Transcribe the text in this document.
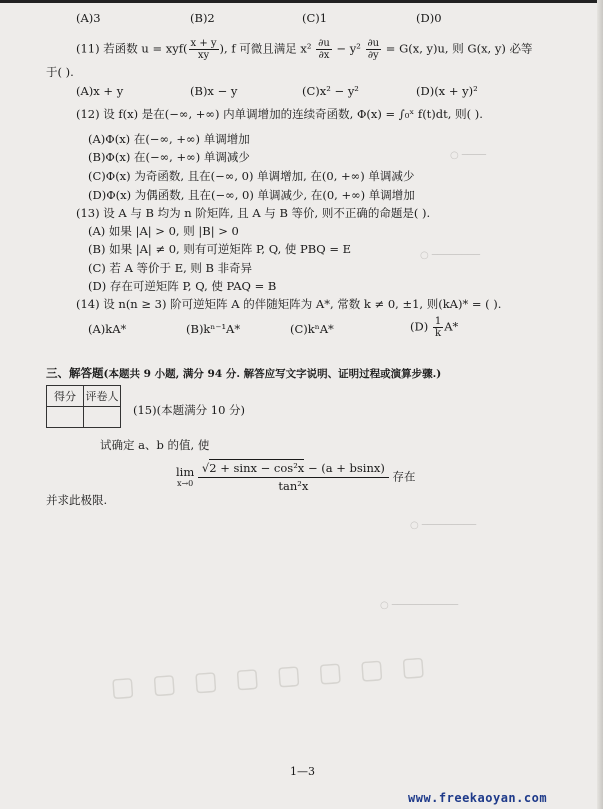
○ ────
○ ────────
○ ─────────
○ ───────────
▢ ▢ ▢ ▢ ▢ ▢ ▢ ▢
(A)3	(B)2	(C)1	(D)0
(11) 若函数 $u = xyf( \frac{x + y}{xy}$ ), f 可微且满足 $x^2 \frac{\partial u}{\partial x} - y^2 \frac{\partial u}{\partial y} = G(x$, y)u, 则 G(x, y) 必等
于( ).
(A)x + y	(B)x − y	(C)x² − y²	(D)(x + y)²
(12) 设 f(x) 是在(−∞, +∞) 内单调增加的连续奇函数, Φ(x) = ∫₀ˣ f(t)dt, 则( ).
(A)Φ(x) 在(−∞, +∞) 单调增加
(B)Φ(x) 在(−∞, +∞) 单调减少
(C)Φ(x) 为奇函数, 且在(−∞, 0) 单调增加, 在(0, +∞) 单调减少
(D)Φ(x) 为偶函数, 且在(−∞, 0) 单调减少, 在(0, +∞) 单调增加
(13) 设 A 与 B 均为 n 阶矩阵, 且 A 与 B 等价, 则不正确的命题是( ).
(A) 如果 |A| > 0, 则 |B| > 0
(B) 如果 |A| ≠ 0, 则有可逆矩阵 P, Q, 使 PBQ = E
(C) 若 A 等价于 E, 则 B 非奇异
(D) 存在可逆矩阵 P, Q, 使 PAQ = B
(14) 设 n(n ≥ 3) 阶可逆矩阵 A 的伴随矩阵为 A*, 常数 k ≠ 0, ±1, 则(kA)* = ( ).
(A)kA*	(B)kⁿ⁻¹A*	(C)kⁿA*	$(D) \frac{1}{k} A*$
三、解答题(本题共 9 小题, 满分 94 分. 解答应写文字说明、证明过程或演算步骤.)
得分	评卷人

(15)(本题满分 10 分)
试确定 a、b 的值, 使
lim
x→0
$\frac{\text{√2 + sinx − cos²x − (a + bsinx)}}{\text{tan²x}}$ 存在
并求此极限.
1—3
www.freekaoyan.com
